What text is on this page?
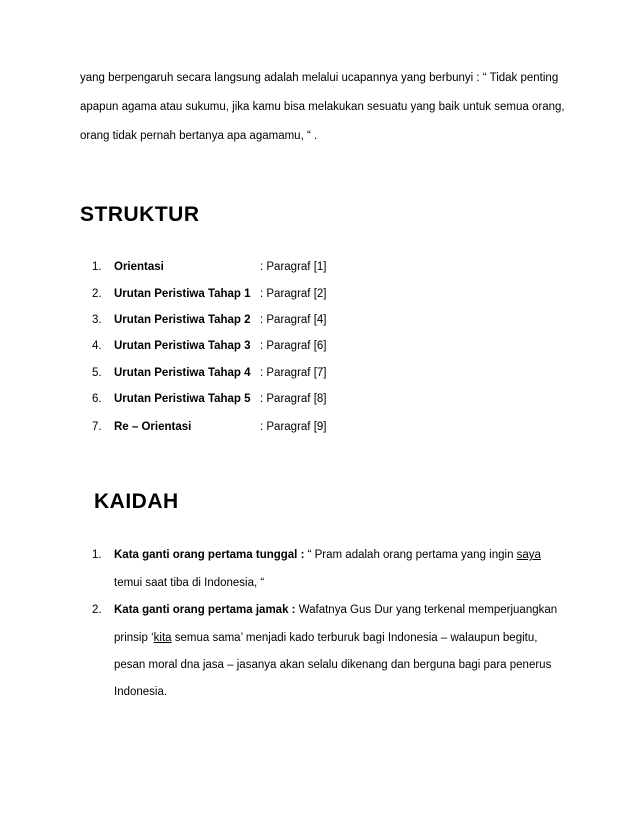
yang berpengaruh secara langsung adalah melalui ucapannya yang berbunyi : “ Tidak penting
apapun agama atau sukumu, jika kamu bisa melakukan sesuatu yang baik untuk semua orang,
orang tidak pernah bertanya apa agamamu, “ .
STRUKTUR
1. Orientasi	: Paragraf [1]
2. Urutan Peristiwa Tahap 1 : Paragraf [2]
3. Urutan Peristiwa Tahap 2 : Paragraf [4]
4. Urutan Peristiwa Tahap 3 : Paragraf [6]
5. Urutan Peristiwa Tahap 4 : Paragraf [7]
6. Urutan Peristiwa Tahap 5 : Paragraf [8]
7. Re – Orientasi	: Paragraf [9]
KAIDAH
1. Kata ganti orang pertama tunggal : “ Pram adalah orang pertama yang ingin saya
temui saat tiba di Indonesia, “
2. Kata ganti orang pertama jamak : Wafatnya Gus Dur yang terkenal memperjuangkan
prinsip ‘kita semua sama’ menjadi kado terburuk bagi Indonesia – walaupun begitu,
pesan moral dna jasa – jasanya akan selalu dikenang dan berguna bagi para penerus
Indonesia.
